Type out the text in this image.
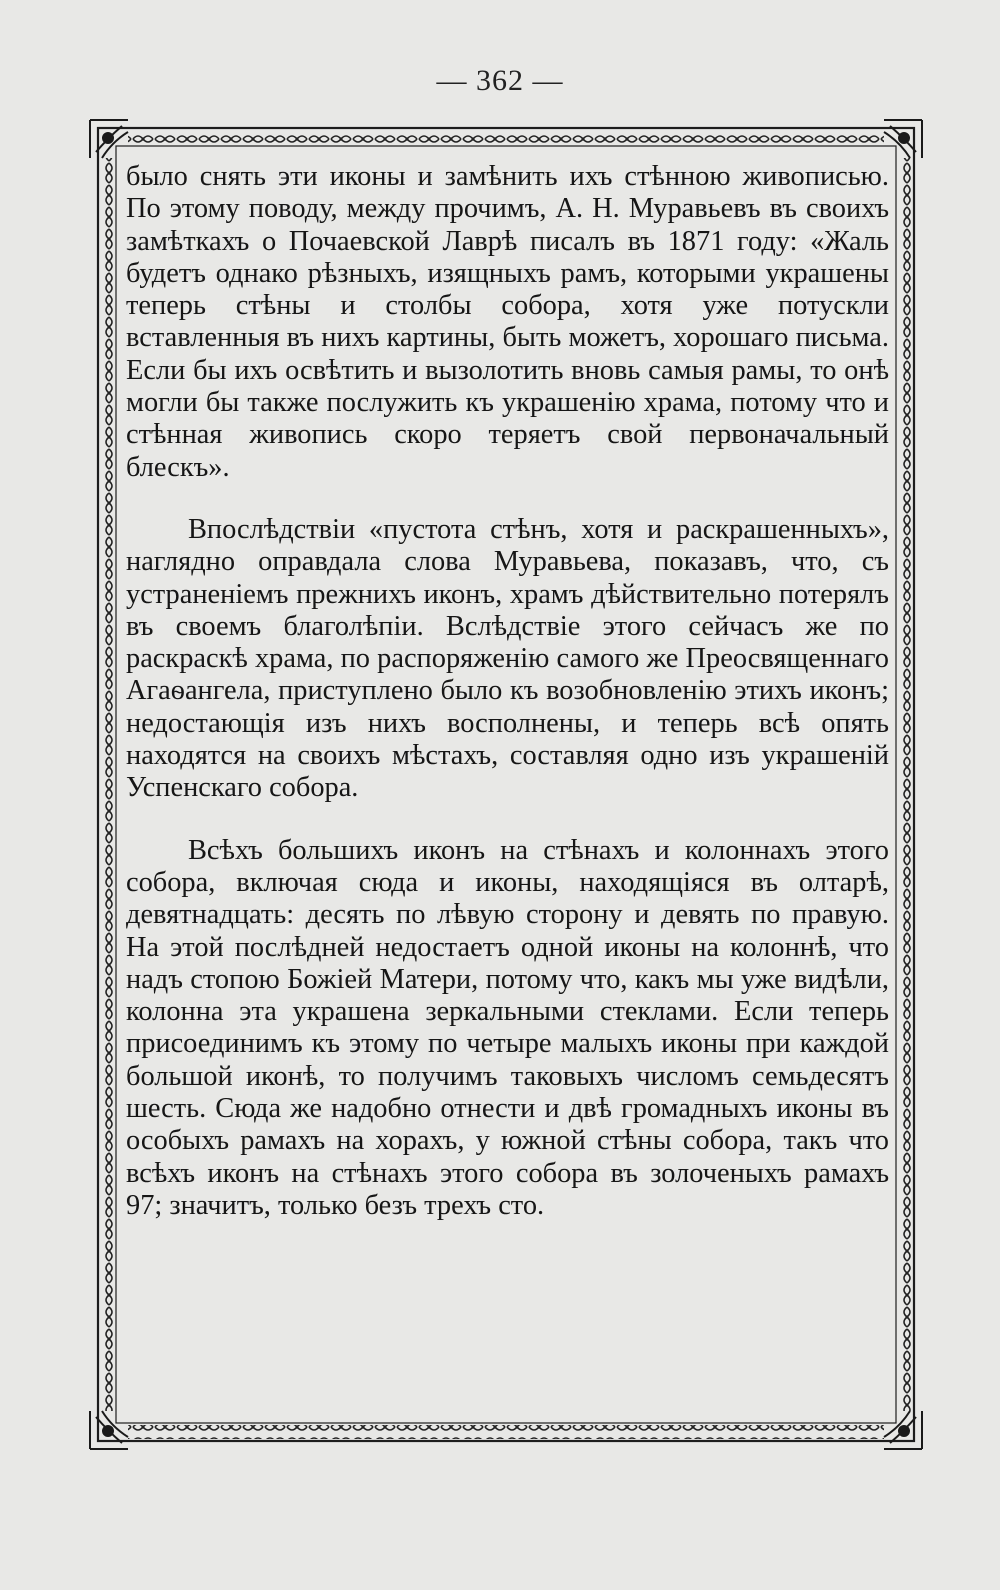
— 362 —

было снять эти иконы и замѣнить ихъ стѣнною живописью. По этому поводу, между прочимъ, А. Н. Муравьевъ въ своихъ замѣткахъ о Почаевской Лаврѣ писалъ въ 1871 году: «Жаль будетъ однако рѣзныхъ, изящныхъ рамъ, которыми украшены теперь стѣны и столбы собора, хотя уже потускли вставленныя въ нихъ картины, быть можетъ, хорошаго письма. Если бы ихъ освѣтить и вызолотить вновь самыя рамы, то онѣ могли бы также послужить къ украшенію храма, потому что и стѣнная живопись скоро теряетъ свой первоначальный блескъ».

Впослѣдствіи «пустота стѣнъ, хотя и раскрашенныхъ», наглядно оправдала слова Муравьева, показавъ, что, съ устраненіемъ прежнихъ иконъ, храмъ дѣйствительно потерялъ въ своемъ благолѣпіи. Вслѣдствіе этого сейчасъ же по раскраскѣ храма, по распоряженію самого же Преосвященнаго Агаѳангела, приступлено было къ возобновленію этихъ иконъ; недостающія изъ нихъ восполнены, и теперь всѣ опять находятся на своихъ мѣстахъ, составляя одно изъ украшеній Успенскаго собора.

Всѣхъ большихъ иконъ на стѣнахъ и колоннахъ этого собора, включая сюда и иконы, находящіяся въ олтарѣ, девятнадцать: десять по лѣвую сторону и девять по правую. На этой послѣдней недостаетъ одной иконы на колоннѣ, что надъ стопою Божіей Матери, потому что, какъ мы уже видѣли, колонна эта украшена зеркальными стеклами. Если теперь присоединимъ къ этому по четыре малыхъ иконы при каждой большой иконѣ, то получимъ таковыхъ числомъ семьдесятъ шесть. Сюда же надобно отнести и двѣ громадныхъ иконы въ особыхъ рамахъ на хорахъ, у южной стѣны собора, такъ что всѣхъ иконъ на стѣнахъ этого собора въ золоченыхъ рамахъ 97; значитъ, только безъ трехъ сто.
